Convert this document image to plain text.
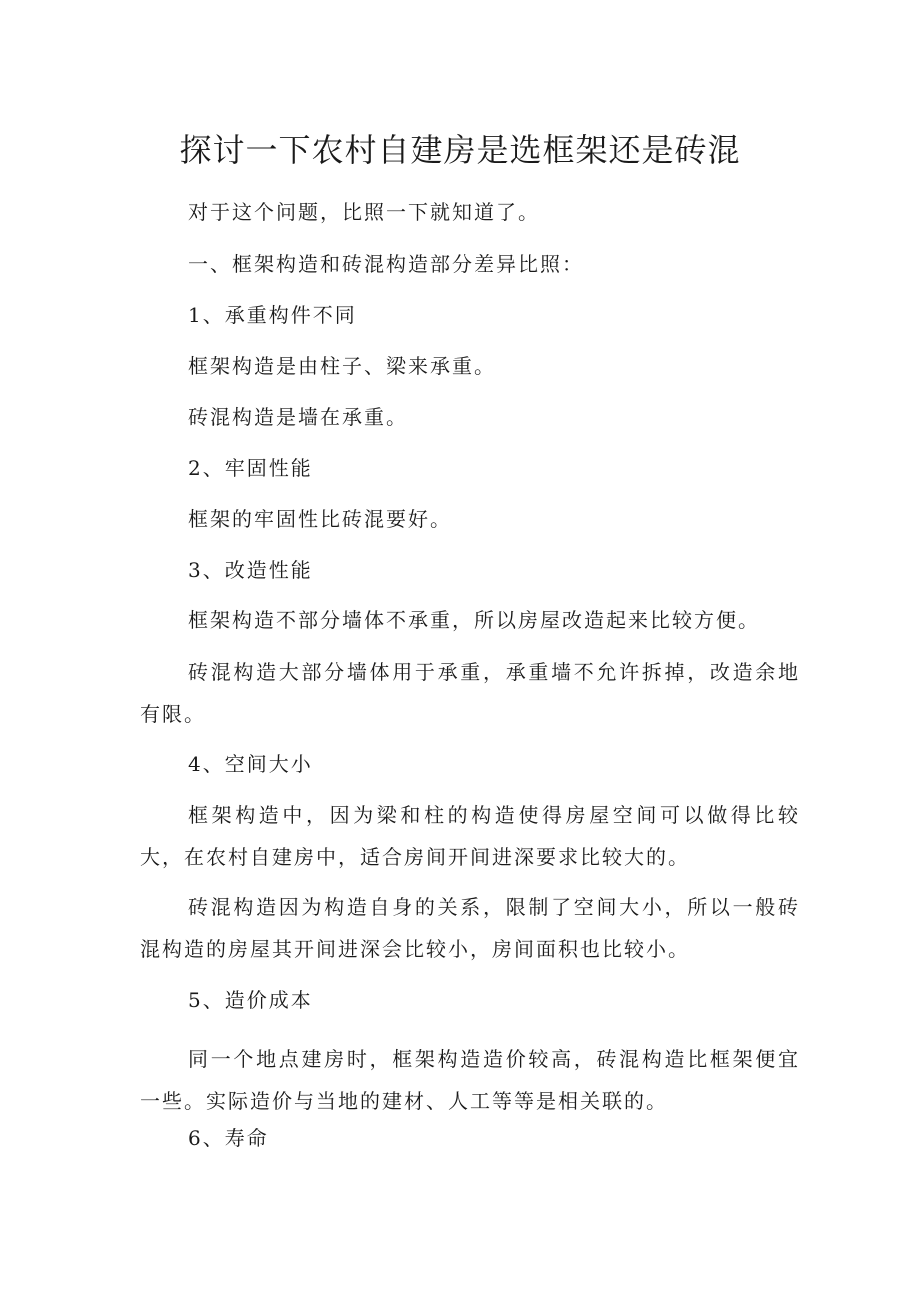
探讨一下农村自建房是选框架还是砖混

对于这个问题，比照一下就知道了。

一、框架构造和砖混构造部分差异比照：

1、承重构件不同

框架构造是由柱子、梁来承重。

砖混构造是墙在承重。

2、牢固性能

框架的牢固性比砖混要好。

3、改造性能

框架构造不部分墙体不承重，所以房屋改造起来比较方便。

砖混构造大部分墙体用于承重，承重墙不允许拆掉，改造余地有限。

4、空间大小

框架构造中，因为梁和柱的构造使得房屋空间可以做得比较大，在农村自建房中，适合房间开间进深要求比较大的。

砖混构造因为构造自身的关系，限制了空间大小，所以一般砖混构造的房屋其开间进深会比较小，房间面积也比较小。

5、造价成本

同一个地点建房时，框架构造造价较高，砖混构造比框架便宜一些。实际造价与当地的建材、人工等等是相关联的。

6、寿命
